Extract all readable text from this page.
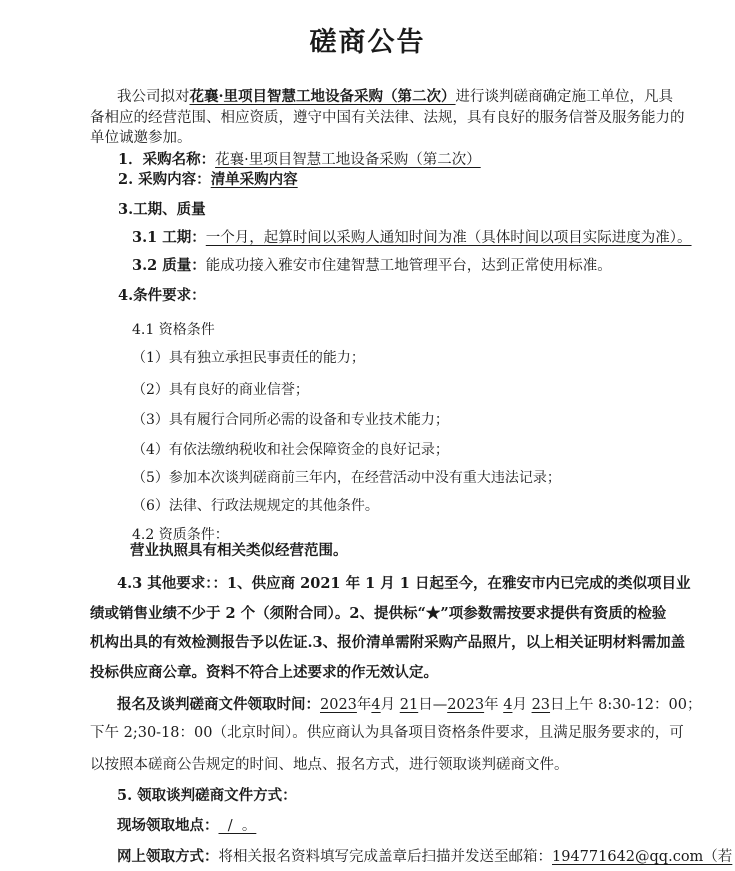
磋商公告
我公司拟对花襄·里项目智慧工地设备采购（第二次）进行谈判磋商确定施工单位，凡具
备相应的经营范围、相应资质，遵守中国有关法律、法规，具有良好的服务信誉及服务能力的
单位诚邀参加。
1．采购名称：花襄·里项目智慧工地设备采购（第二次）
2. 采购内容：清单采购内容
3.工期、质量
3.1 工期：一个月，起算时间以采购人通知时间为准（具体时间以项目实际进度为准）。
3.2 质量：能成功接入雅安市住建智慧工地管理平台，达到正常使用标准。
4.条件要求：
4.1 资格条件
（1）具有独立承担民事责任的能力；
（2）具有良好的商业信誉；
（3）具有履行合同所必需的设备和专业技术能力；
（4）有依法缴纳税收和社会保障资金的良好记录；
（5）参加本次谈判磋商前三年内，在经营活动中没有重大违法记录；
（6）法律、行政法规规定的其他条件。
4.2 资质条件：
营业执照具有相关类似经营范围。
4.3 其他要求：：1、供应商 2021 年 1 月 1 日起至今，在雅安市内已完成的类似项目业
绩或销售业绩不少于 2 个（须附合同）。2、提供标“★”项参数需按要求提供有资质的检验
机构出具的有效检测报告予以佐证.3、报价清单需附采购产品照片，以上相关证明材料需加盖
投标供应商公章。资料不符合上述要求的作无效认定。
报名及谈判磋商文件领取时间：2023年4月 21日—2023年 4月 23日上午 8:30-12：00；
下午 2;30-18：00（北京时间）。供应商认为具备项目资格条件要求，且满足服务要求的，可
以按照本磋商公告规定的时间、地点、报名方式，进行领取谈判磋商文件。
5. 领取谈判磋商文件方式：
现场领取地点：  /  。
网上领取方式：将相关报名资料填写完成盖章后扫描并发送至邮箱：194771642@qq.com（若
